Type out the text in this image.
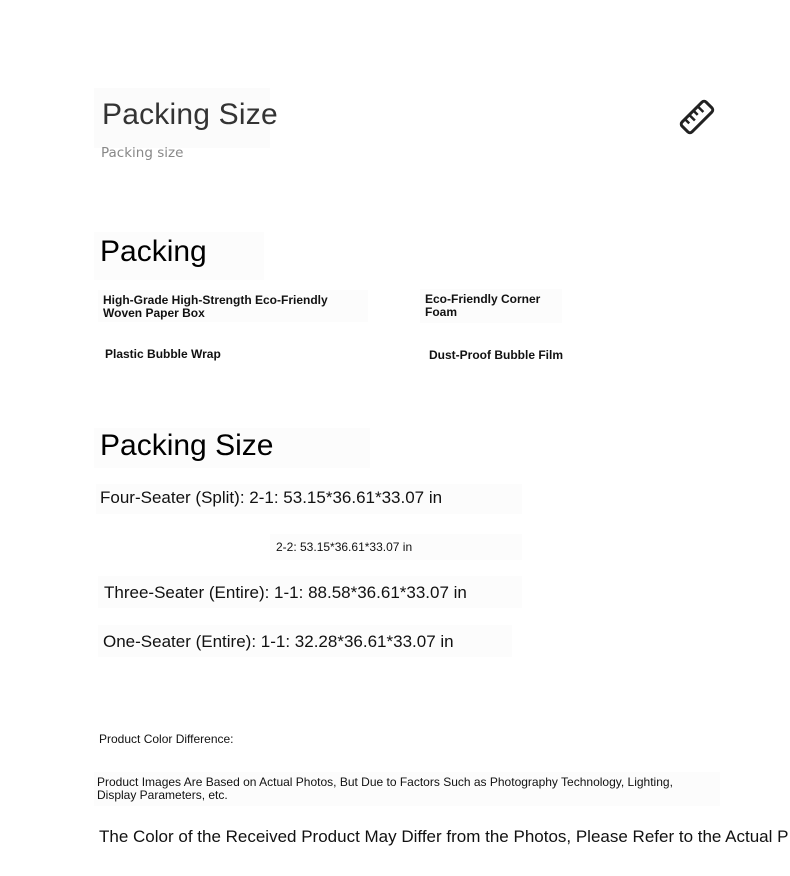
Packing Size
Packing size
Packing
High-Grade High-Strength Eco-Friendly Woven Paper Box
Eco-Friendly Corner Foam
Plastic Bubble Wrap	Dust-Proof Bubble Film
Packing Size
Four-Seater (Split): 2-1: 53.15*36.61*33.07 in
2-2: 53.15*36.61*33.07 in
Three-Seater (Entire): 1-1: 88.58*36.61*33.07 in
One-Seater (Entire): 1-1: 32.28*36.61*33.07 in
Product Color Difference:
Product Images Are Based on Actual Photos, But Due to Factors Such as Photography Technology, Lighting, Display Parameters, etc.
The Color of the Received Product May Differ from the Photos, Please Refer to the Actual P
